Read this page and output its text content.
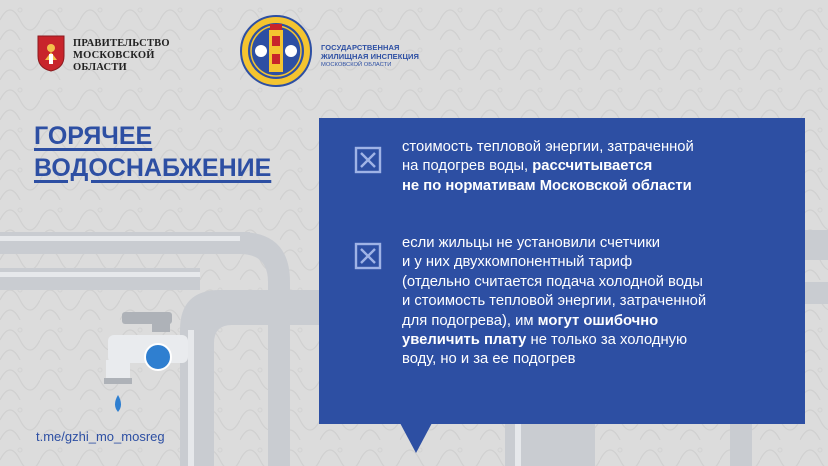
ПРАВИТЕЛЬСТВО
МОСКОВСКОЙ
ОБЛАСТИ
ГОСУДАРСТВЕННАЯ
ЖИЛИЩНАЯ ИНСПЕКЦИЯ
МОСКОВСКОЙ ОБЛАСТИ
ГОРЯЧЕЕ
ВОДОСНАБЖЕНИЕ
стоимость тепловой энергии, затраченной
на подогрев воды, рассчитывается
не по нормативам Московской области
если жильцы не установили счетчики
и у них двухкомпонентный тариф
(отдельно считается подача холодной воды
и стоимость тепловой энергии, затраченной
для подогрева), им могут ошибочно
увеличить плату не только за холодную
воду, но и за ее подогрев
t.me/gzhi_mo_mosreg
